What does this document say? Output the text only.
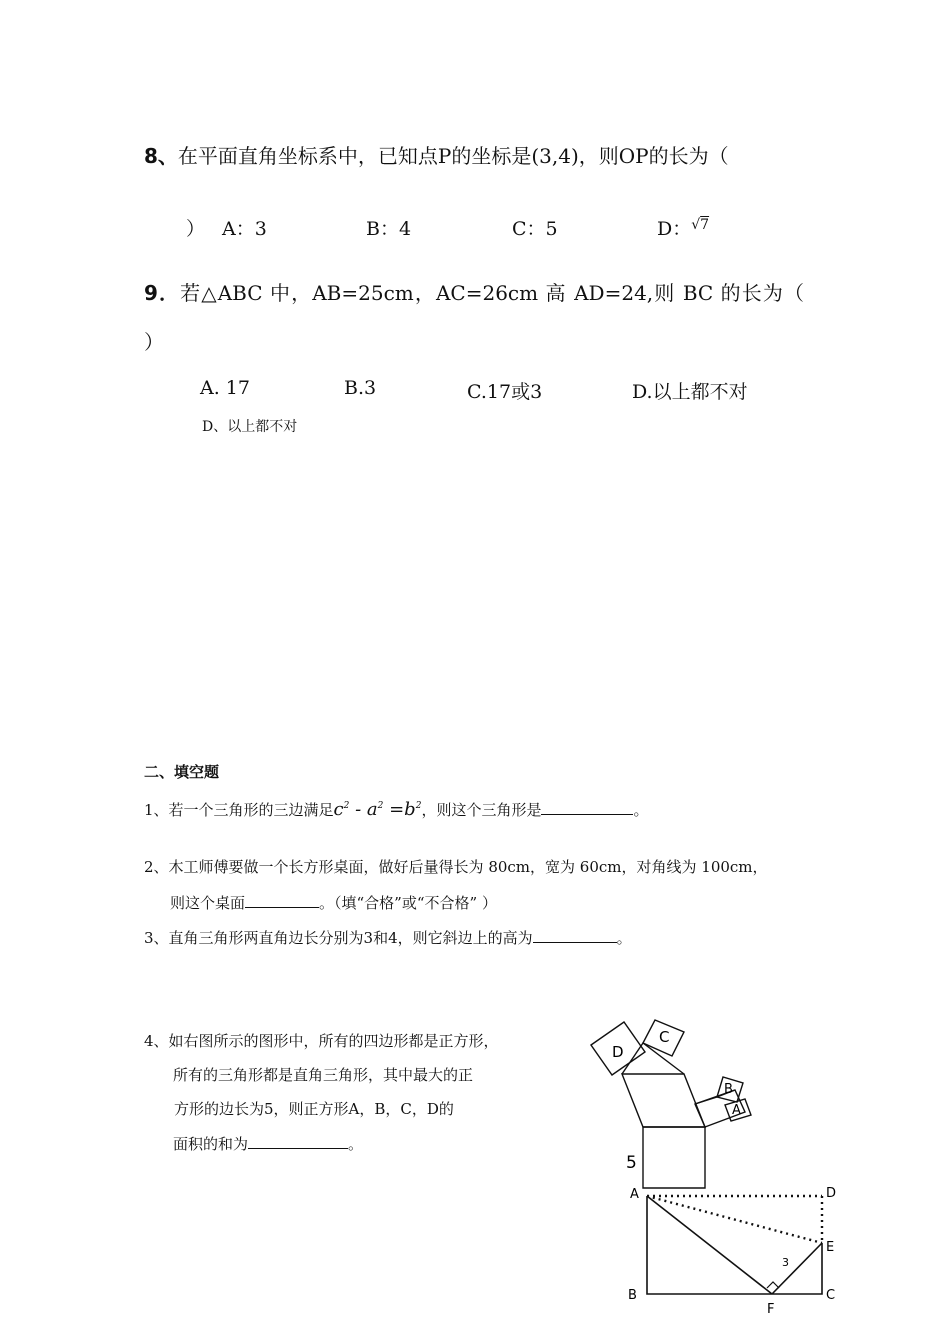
8、在平面直角坐标系中，已知点P的坐标是(3,4)，则OP的长为（
） A：3	B：4	C：5	D：$^{√7}$
9．若△ABC 中，AB=25cm，AC=26cm 高 AD=24,则 BC 的长为（
）
A. 17	B.3	C.17或3	D.以上都不对
D、以上都不对
二、填空题
1、若一个三角形的三边满足$c^2 - a^2 =b^2$，则这个三角形是	。
2、木工师傅要做一个长方形桌面，做好后量得长为 80cm，宽为 60cm，对角线为 100cm，
则这个桌面	。（填“合格”或“不合格” ）
3、直角三角形两直角边长分别为3和4，则它斜边上的高为	。
4、如右图所示的图形中，所有的四边形都是正方形，
所有的三角形都是直角三角形，其中最大的正
方形的边长为5，则正方形A，B，C，D的
面积的和为	。
D
C
B
A
5
A	D
E
B	C
F
3
